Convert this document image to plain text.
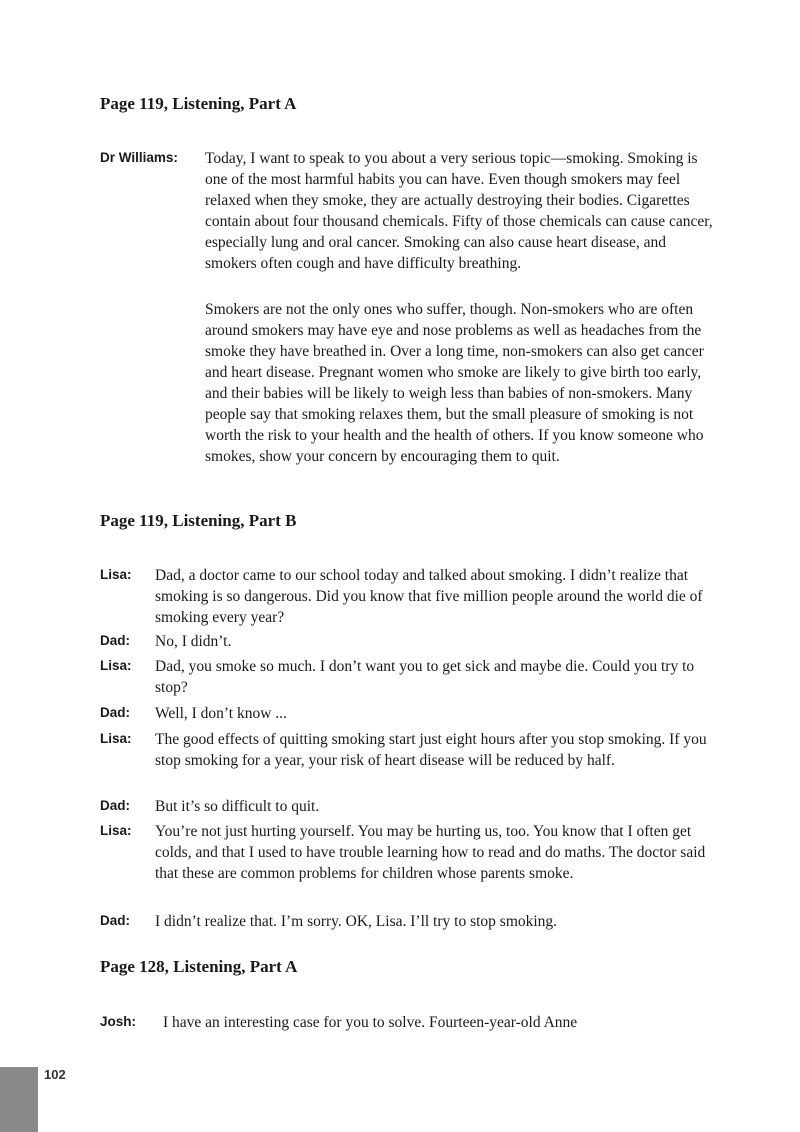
Page 119, Listening, Part A
Dr Williams: Today, I want to speak to you about a very serious topic—smoking. Smoking is one of the most harmful habits you can have. Even though smokers may feel relaxed when they smoke, they are actually destroying their bodies. Cigarettes contain about four thousand chemicals. Fifty of those chemicals can cause cancer, especially lung and oral cancer. Smoking can also cause heart disease, and smokers often cough and have difficulty breathing.

Smokers are not the only ones who suffer, though. Non-smokers who are often around smokers may have eye and nose problems as well as headaches from the smoke they have breathed in. Over a long time, non-smokers can also get cancer and heart disease. Pregnant women who smoke are likely to give birth too early, and their babies will be likely to weigh less than babies of non-smokers. Many people say that smoking relaxes them, but the small pleasure of smoking is not worth the risk to your health and the health of others. If you know someone who smokes, show your concern by encouraging them to quit.

Page 119, Listening, Part B
Lisa: Dad, a doctor came to our school today and talked about smoking. I didn’t realize that smoking is so dangerous. Did you know that five million people around the world die of smoking every year?

Dad: No, I didn’t.

Lisa: Dad, you smoke so much. I don’t want you to get sick and maybe die. Could you try to stop?

Dad: Well, I don’t know ...

Lisa: The good effects of quitting smoking start just eight hours after you stop smoking. If you stop smoking for a year, your risk of heart disease will be reduced by half.

Dad: But it’s so difficult to quit.

Lisa: You’re not just hurting yourself. You may be hurting us, too. You know that I often get colds, and that I used to have trouble learning how to read and do maths. The doctor said that these are common problems for children whose parents smoke.

Dad: I didn’t realize that. I’m sorry. OK, Lisa. I’ll try to stop smoking.

Page 128, Listening, Part A
Josh: I have an interesting case for you to solve. Fourteen-year-old Anne

102
